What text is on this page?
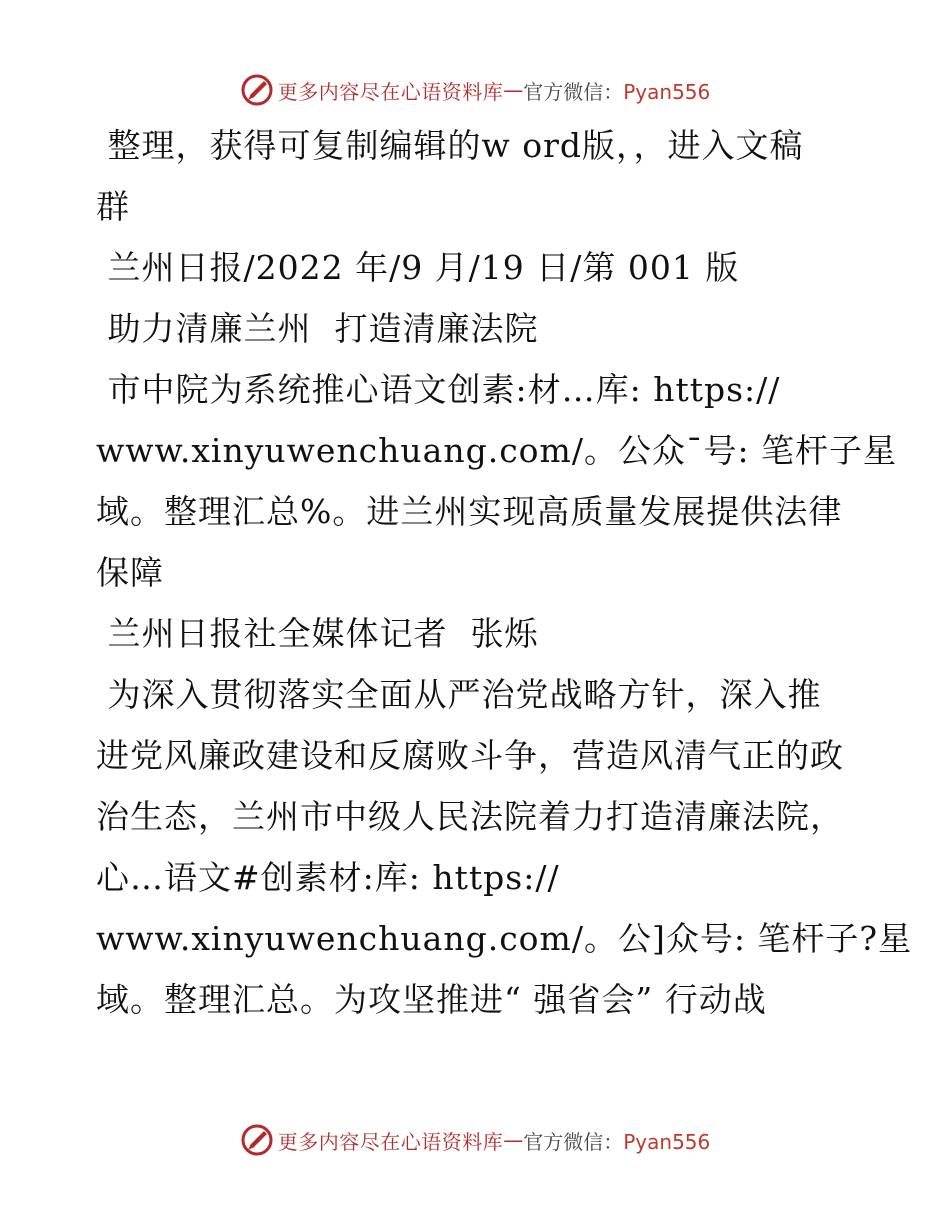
更多内容尽在心语资料库 — 官方微信：Pyan556
整理，获得可复制编辑的w ord版，，进入文稿
群
兰州日报/2022 年/9 月/19 日/第 001 版
助力清廉兰州  打造清廉法院
市中院为系统推心语文创素:材…库: https://
www.xinyuwenchuang.com/。公众¯号: 笔杆子星
域。整理汇总%。进兰州实现高质量发展提供法律
保障
兰州日报社全媒体记者  张烁
为深入贯彻落实全面从严治党战略方针，深入推
进党风廉政建设和反腐败斗争，营造风清气正的政
治生态，兰州市中级人民法院着力打造清廉法院，
心…语文#创素材:库: https://
www.xinyuwenchuang.com/。公]众号: 笔杆子?星
域。整理汇总。为攻坚推进“ 强省会” 行动战
更多内容尽在心语资料库 — 官方微信：Pyan556
